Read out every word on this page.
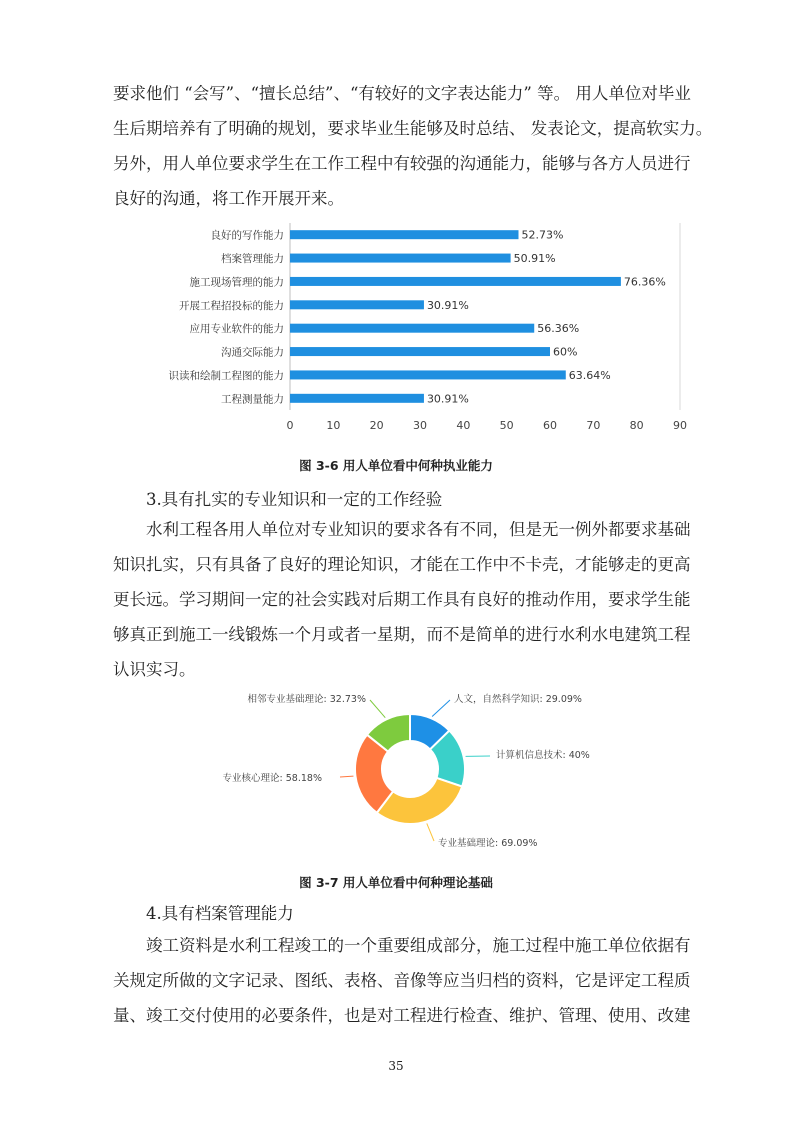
要求他们 “会写”、“擅长总结”、“有较好的文字表达能力” 等。 用人单位对毕业
生后期培养有了明确的规划，要求毕业生能够及时总结、 发表论文，提高软实力。
另外，用人单位要求学生在工作工程中有较强的沟通能力，能够与各方人员进行
良好的沟通，将工作开展开来。
良好的写作能力	52.73%
档案管理能力	50.91%
施工现场管理的能力	76.36%
开展工程招投标的能力	30.91%
应用专业软件的能力	56.36%
沟通交际能力	60%
识读和绘制工程图的能力	63.64%
工程测量能力	30.91%
0	10	20	30	40	50	60	70	80	90

图 3-6 用人单位看中何种执业能力

3.具有扎实的专业知识和一定的工作经验

水利工程各用人单位对专业知识的要求各有不同，但是无一例外都要求基础
知识扎实，只有具备了良好的理论知识，才能在工作中不卡壳，才能够走的更高
更长远。学习期间一定的社会实践对后期工作具有良好的推动作用，要求学生能
够真正到施工一线锻炼一个月或者一星期，而不是简单的进行水利水电建筑工程
认识实习。
人文，自然科学知识: 29.09%
计算机信息技术: 40%
专业基础理论: 69.09%
专业核心理论: 58.18%
相邻专业基础理论: 32.73%

图 3-7 用人单位看中何种理论基础

4.具有档案管理能力

竣工资料是水利工程竣工的一个重要组成部分，施工过程中施工单位依据有
关规定所做的文字记录、图纸、表格、音像等应当归档的资料，它是评定工程质
量、竣工交付使用的必要条件，也是对工程进行检查、维护、管理、使用、改建
35
